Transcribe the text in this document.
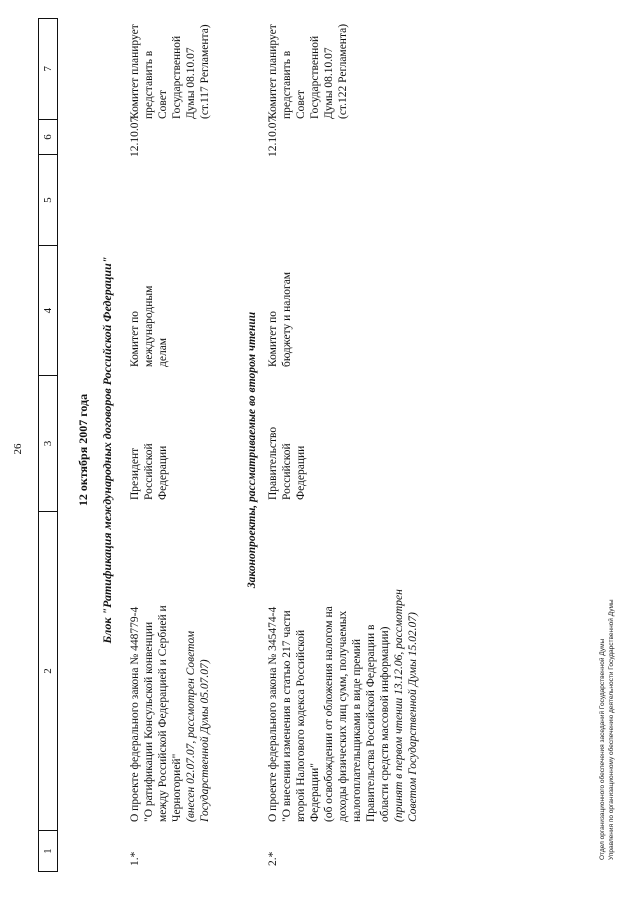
26
1
2
3
4
5
6
7
12 октября 2007 года Блок "Ратификация международных договоров Российской Федерации"
1.*
О проекте федерального закона № 448779-4 "О ратификации Консульской конвенции между Российской Федерацией и Сербией и Черногорией" (внесен 02.07.07, рассмотрен Советом Государственной Думы 05.07.07)
Президент Российской Федерации
Комитет по международным делам
12.10.07
Комитет планирует представить в Совет Государственной Думы 08.10.07 (ст.117 Регламента)
Законопроекты, рассматриваемые во втором чтении
2.*
О проекте федерального закона № 345474-4 "О внесении изменения в статью 217 части второй Налогового кодекса Российской Федерации" (об освобождении от обложения налогом на доходы физических лиц сумм, получаемых налогоплательщиками в виде премий Правительства Российской Федерации в области средств массовой информации) (принят в первом чтении 13.12.06, рассмотрен Советом Государственной Думы 15.02.07)
Правительство Российской Федерации
Комитет по бюджету и налогам
12.10.07
Комитет планирует представить в Совет Государственной Думы 08.10.07 (ст.122 Регламента)
Отдел организационного обеспечения заседаний Государственной Думы Управления по организационному обеспечению деятельности Государственной Думы
